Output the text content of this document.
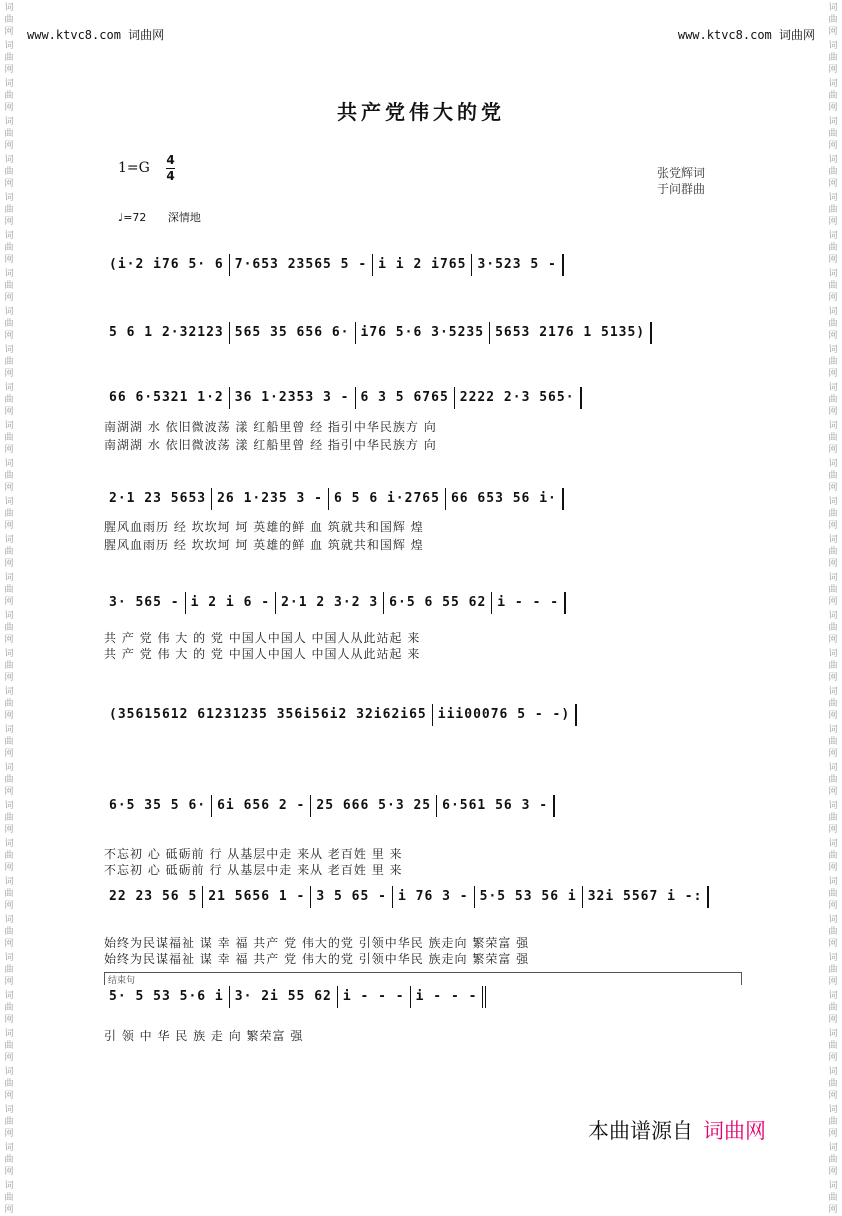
词
曲
网
词
曲
网
词
曲
网
词
曲
网
词
曲
网
词
曲
网
词
曲
网
词
曲
网
词
曲
网
词
曲
网
词
曲
网
词
曲
网
词
曲
网
词
曲
网
词
曲
网
词
曲
网
词
曲
网
词
曲
网
词
曲
网
词
曲
网
词
曲
网
词
曲
网
词
曲
网
词
曲
网
词
曲
网
词
曲
网
词
曲
网
词
曲
网
词
曲
网
词
曲
网
词
曲
网
词
曲
网
词
曲
网
词
曲
网
词
曲
网
词
曲
网
词
曲
网
词
曲
网
词
曲
网
词
曲
网
词
曲
网
词
曲
网
词
曲
网
词
曲
网
词
曲
网
词
曲
网
词
曲
网
词
曲
网
词
曲
网
词
曲
网
词
曲
网
词
曲
网
词
曲
网
词
曲
网
词
曲
网
词
曲
网
词
曲
网
词
曲
网
词
曲
网
词
曲
网
词
曲
网
词
曲
网
词
曲
网
词
曲
网
www.ktvc8.com 词曲网	www.ktvc8.com 词曲网
共产党伟大的党
1=G 4
4	张党辉词
于问群曲
♩=72 深情地
(i·2 i76 5· 6 7·653 23565 5 - i i 2 i765 3·523 5 -
5 6 1 2·32123 565 35 656 6· i76 5·6 3·5235 5653 2176 1 5135)
66 6·5321 1·2 36 1·2353 3 - 6 3 5 6765 2222 2·3 565·
2·1 23 5653 26 1·235 3 - 6 5 6 i·2765 66 653 56 i·
3· 565 - i 2 i 6 - 2·1 2 3·2 3 6·5 6 55 62 i - - -
(35615612 61231235 356i56i2 32i62i65 iii00076 5 - -)
6·5 35 5 6· 6i 656 2 - 25 666 5·3 25 6·561 56 3 -
22 23 56 5 21 5656 1 - 3 5 65 - i 76 3 - 5·5 53 56 i 32i 5567 i -:
5· 5 53 5·6 i 3· 2i 55 62 i - - - i - - -
南湖湖 水 依旧微波荡 漾 红船里曾 经 指引中华民族方 向
南湖湖 水 依旧微波荡 漾 红船里曾 经 指引中华民族方 向
腥风血雨历 经 坎坎坷 坷 英雄的鲜 血 筑就共和国辉 煌
腥风血雨历 经 坎坎坷 坷 英雄的鲜 血 筑就共和国辉 煌
共 产 党 伟 大 的 党 中国人中国人 中国人从此站起 来
共 产 党 伟 大 的 党 中国人中国人 中国人从此站起 来
不忘初 心 砥砺前 行 从基层中走 来从 老百姓 里 来
不忘初 心 砥砺前 行 从基层中走 来从 老百姓 里 来
始终为民谋福祉 谋 幸 福 共产 党 伟大的党 引领中华民 族走向 繁荣富 强
始终为民谋福祉 谋 幸 福 共产 党 伟大的党 引领中华民 族走向 繁荣富 强
引 领 中 华 民 族 走 向 繁荣富 强
结束句
本曲谱源自 词曲网
